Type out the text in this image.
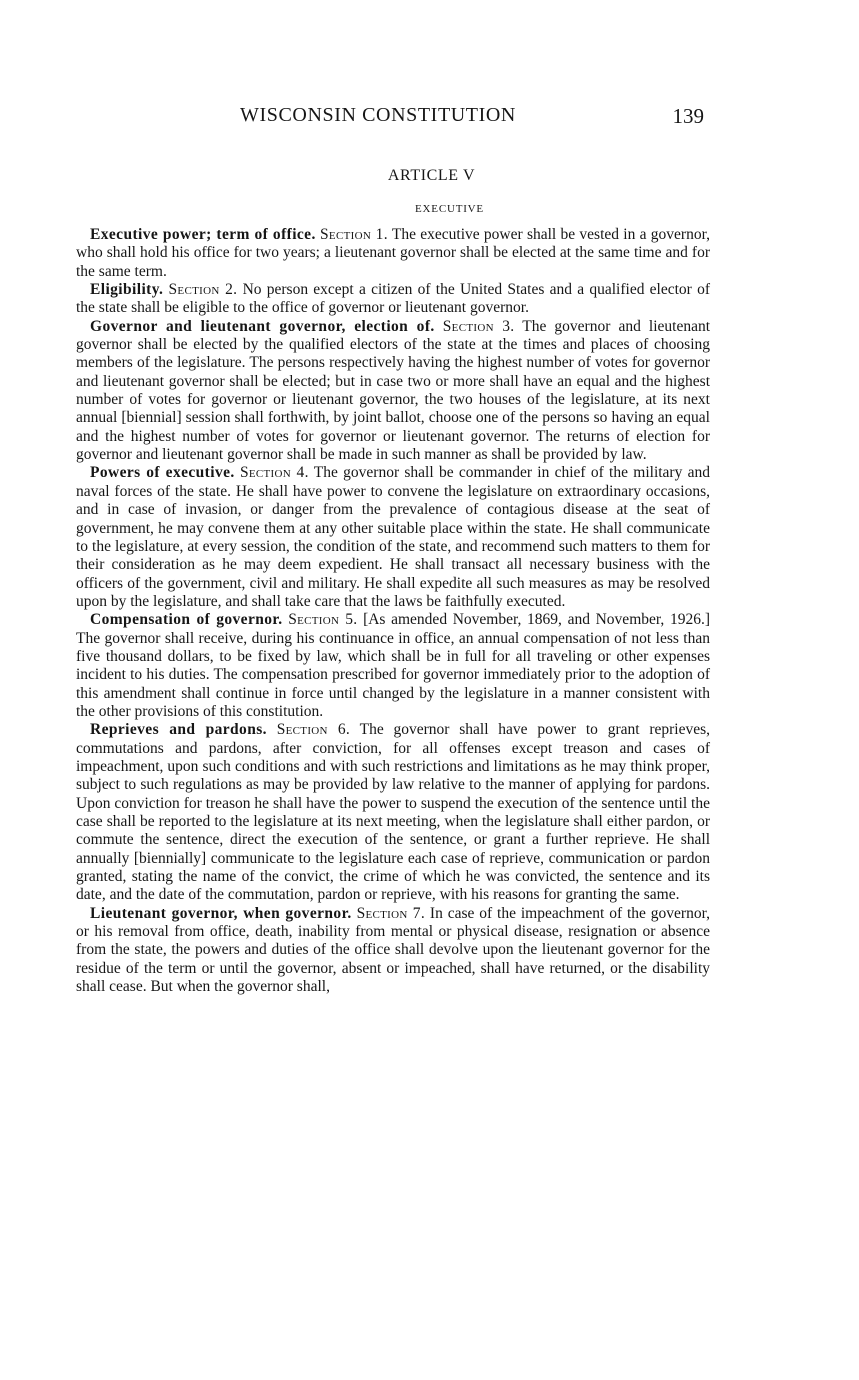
WISCONSIN CONSTITUTION	139
ARTICLE V
EXECUTIVE

Executive power; term of office. Section 1. The executive power shall be vested in a governor, who shall hold his office for two years; a lieutenant governor shall be elected at the same time and for the same term.

Eligibility. Section 2. No person except a citizen of the United States and a qualified elector of the state shall be eligible to the office of governor or lieutenant governor.

Governor and lieutenant governor, election of. Section 3. The governor and lieutenant governor shall be elected by the qualified electors of the state at the times and places of choosing members of the legislature. The persons respectively having the highest number of votes for governor and lieutenant governor shall be elected; but in case two or more shall have an equal and the highest number of votes for governor or lieutenant governor, the two houses of the legislature, at its next annual [biennial] session shall forthwith, by joint ballot, choose one of the persons so having an equal and the highest number of votes for governor or lieutenant governor. The returns of election for governor and lieutenant governor shall be made in such manner as shall be provided by law.

Powers of executive. Section 4. The governor shall be commander in chief of the military and naval forces of the state. He shall have power to convene the legislature on extraordinary occasions, and in case of invasion, or danger from the prevalence of contagious disease at the seat of government, he may convene them at any other suitable place within the state. He shall communicate to the legislature, at every session, the condition of the state, and recommend such matters to them for their consideration as he may deem expedient. He shall transact all necessary business with the officers of the government, civil and military. He shall expedite all such measures as may be resolved upon by the legislature, and shall take care that the laws be faithfully executed.

Compensation of governor. Section 5. [As amended November, 1869, and November, 1926.] The governor shall receive, during his continuance in office, an annual compensation of not less than five thousand dollars, to be fixed by law, which shall be in full for all traveling or other expenses incident to his duties. The compensation prescribed for governor immediately prior to the adoption of this amendment shall continue in force until changed by the legislature in a manner consistent with the other provisions of this constitution.

Reprieves and pardons. Section 6. The governor shall have power to grant reprieves, commutations and pardons, after conviction, for all offenses except treason and cases of impeachment, upon such conditions and with such restrictions and limitations as he may think proper, subject to such regulations as may be provided by law relative to the manner of applying for pardons. Upon conviction for treason he shall have the power to suspend the execution of the sentence until the case shall be reported to the legislature at its next meeting, when the legislature shall either pardon, or commute the sentence, direct the execution of the sentence, or grant a further reprieve. He shall annually [biennially] communicate to the legislature each case of reprieve, communication or pardon granted, stating the name of the convict, the crime of which he was convicted, the sentence and its date, and the date of the commutation, pardon or reprieve, with his reasons for granting the same.

Lieutenant governor, when governor. Section 7. In case of the impeachment of the governor, or his removal from office, death, inability from mental or physical disease, resignation or absence from the state, the powers and duties of the office shall devolve upon the lieutenant governor for the residue of the term or until the governor, absent or impeached, shall have returned, or the disability shall cease. But when the governor shall,
